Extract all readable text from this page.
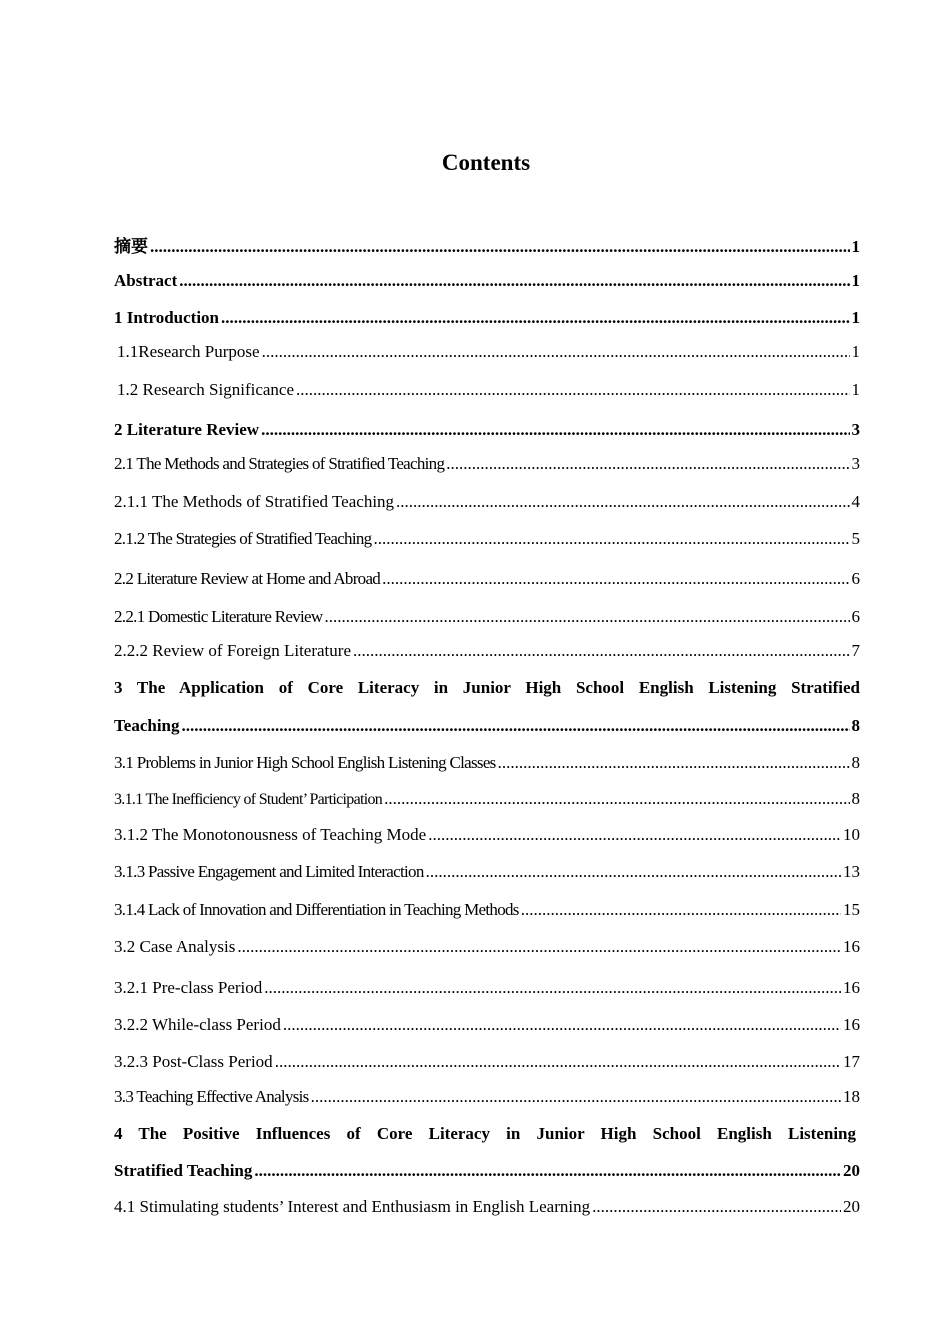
Contents
摘要 .....	1
Abstract .....	1
1 Introduction .....	1
1.1Research Purpose .....	1
1.2 Research Significance .....	1
2 Literature Review .....	3
2.1 The Methods and Strategies of Stratified Teaching .....	3
2.1.1 The Methods of Stratified Teaching .....	4
2.1.2 The Strategies of Stratified Teaching .....	5
2.2 Literature Review at Home and Abroad .....	6
2.2.1 Domestic Literature Review .....	6
2.2.2 Review of Foreign Literature .....	7
3 The Application of Core Literacy in Junior High School English Listening Stratified
Teaching .....	8
3.1 Problems in Junior High School English Listening Classes .....	8
3.1.1 The Inefficiency of Student’ Participation .....	8
3.1.2 The Monotonousness of Teaching Mode .....	10
3.1.3 Passive Engagement and Limited Interaction .....	13
3.1.4 Lack of Innovation and Differentiation in Teaching Methods .....	15
3.2 Case Analysis .....	16
3.2.1 Pre-class Period .....	16
3.2.2 While-class Period .....	16
3.2.3 Post-Class Period .....	17
3.3 Teaching Effective Analysis .....	18
4 The Positive Influences of Core Literacy in Junior High School English Listening
Stratified Teaching .....	20
4.1 Stimulating students’ Interest and Enthusiasm in English Learning .....	20
